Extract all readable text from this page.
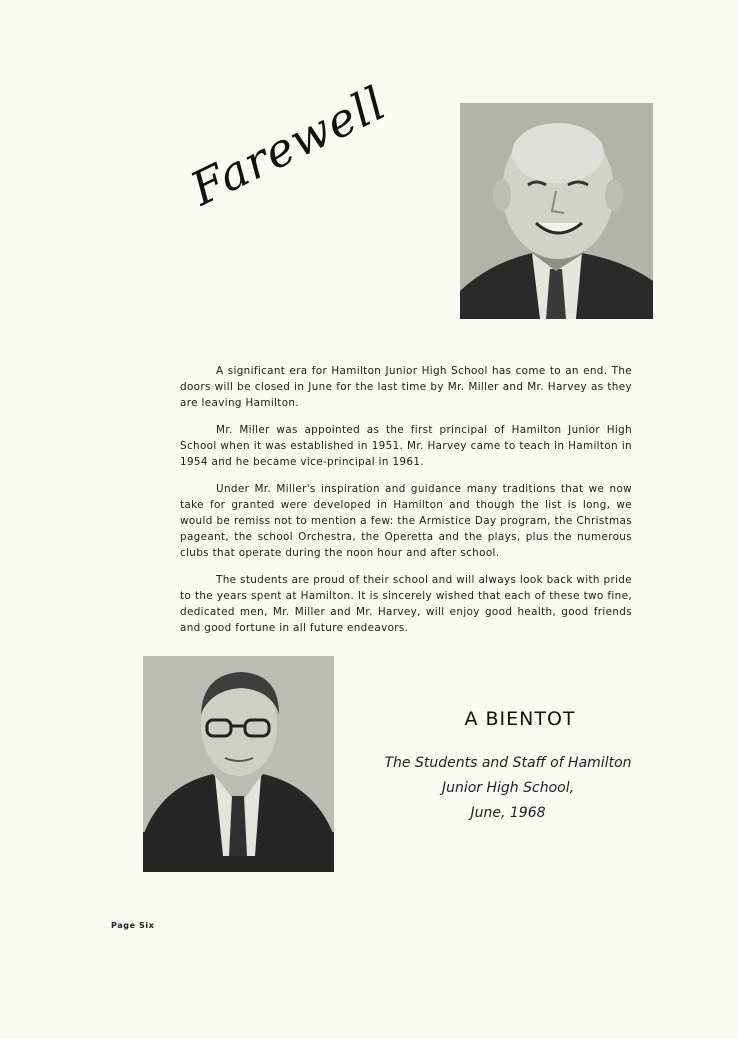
Farewell

A significant era for Hamilton Junior High School has come to an end. The doors will be closed in June for the last time by Mr. Miller and Mr. Harvey as they are leaving Hamilton.

Mr. Miller was appointed as the first principal of Hamilton Junior High School when it was established in 1951. Mr. Harvey came to teach in Hamilton in 1954 and he became vice-principal in 1961.

Under Mr. Miller's inspiration and guidance many traditions that we now take for granted were developed in Hamilton and though the list is long, we would be remiss not to mention a few: the Armistice Day program, the Christmas pageant, the school Orchestra, the Operetta and the plays, plus the numerous clubs that operate during the noon hour and after school.

The students are proud of their school and will always look back with pride to the years spent at Hamilton. It is sincerely wished that each of these two fine, dedicated men, Mr. Miller and Mr. Harvey, will enjoy good health, good friends and good fortune in all future endeavors.

A BIENTOT
The Students and Staff of Hamilton
Junior High School,
June, 1968
Page Six
